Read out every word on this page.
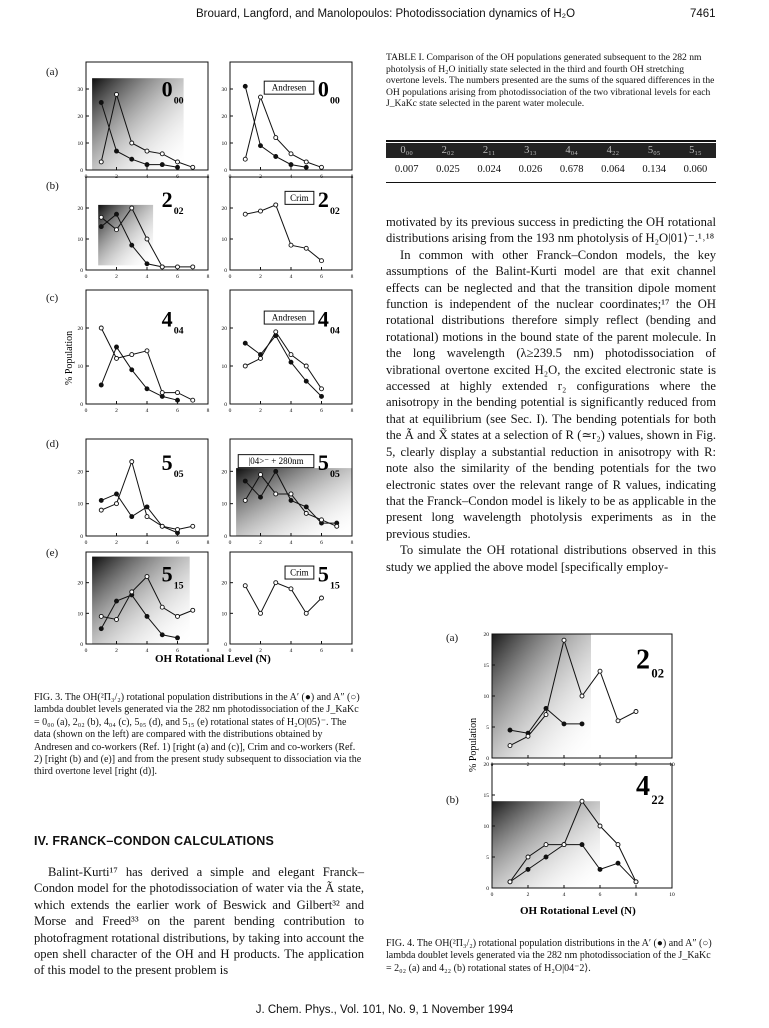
Brouard, Langford, and Manolopoulos: Photodissociation dynamics of H₂O	7461
(a)
(b)
(c)
(d)
(e)
0
10
20
30
0	2	4	6	8
0 00
0
10
20
30
0	2	4	6	8
0 00
Andresen
0
10
20
0	2	4	6	8
2 02
0
10
20
0	2	4	6	8
2 02
Crim
0
10
20
0	2	4	6	8
4 04
0
10
20
0	2	4	6	8
4 04
Andresen
0
10
20
0	2	4	6	8
5 05
0
10
20
0	2	4	6	8
5 05
|04>⁻ + 280nm
0
10
20
0	2	4	6	8
5 15
0
10
20
0	2	4	6	8
5 15
Crim
% Population
OH Rotational Level (N)
FIG. 3. The OH(²Π₃/₂) rotational population distributions in the A′ (●) and A″ (○) lambda doublet levels generated via the 282 nm photodissociation of the J_KaKc = 0₀₀ (a), 2₀₂ (b), 4₀₄ (c), 5₀₅ (d), and 5₁₅ (e) rotational states of H₂O|05⟩⁻. The data (shown on the left) are compared with the distributions obtained by Andresen and co-workers (Ref. 1) [right (a) and (c)], Crim and co-workers (Ref. 2) [right (b) and (e)] and from the present study subsequent to dissociation via the third overtone level [right (d)].
IV. FRANCK–CONDON CALCULATIONS

Balint-Kurti¹⁷ has derived a simple and elegant Franck–Condon model for the photodissociation of water via the Ã state, which extends the earlier work of Beswick and Gilbert³² and Morse and Freed³³ on the parent bending contribution to photofragment rotational distributions, by taking into account the open shell character of the OH and H products. The application of this model to the present problem is

TABLE I. Comparison of the OH populations generated subsequent to the 282 nm photolysis of H₂O initially state selected in the third and fourth OH stretching overtone levels. The numbers presented are the sums of the squared differences in the OH populations arising from photodissociation of the two vibrational levels for each J_KaKc state selected in the parent water molecule.
0₀₀	2₀₂	2₁₁	3₁₃	4₀₄	4₂₂	5₀₅	5₁₅
0.007	0.025	0.024	0.026	0.678	0.064	0.134	0.060

motivated by its previous success in predicting the OH rotational distributions arising from the 193 nm photolysis of H₂O|01⟩⁻.¹˒¹⁸

In common with other Franck–Condon models, the key assumptions of the Balint-Kurti model are that exit channel effects can be neglected and that the transition dipole moment function is independent of the nuclear coordinates;¹⁷ the OH rotational distributions therefore simply reflect (bending and rotational) motions in the bound state of the parent molecule. In the long wavelength (λ≥239.5 nm) photodissociation of vibrational overtone excited H₂O, the excited electronic state is accessed at highly extended r₂ configurations where the anisotropy in the bending potential is significantly reduced from that at equilibrium (see Sec. I). The bending potentials for both the Ã and X̃ states at a selection of R (≃r₂) values, shown in Fig. 5, clearly display a substantial reduction in anisotropy with R: note also the similarity of the bending potentials for the two electronic states over the relevant range of R values, indicating that the Franck–Condon model is likely to be as applicable in the present long wavelength photolysis experiments as in the previous studies.

To simulate the OH rotational distributions observed in this study we applied the above model [specifically employ-

(a)
(b)
0
5
10
15
20
0	2	4	6	8	10
2 02
0
5
10
15
20
0	2	4	6	8	10
4 22
% Population
OH Rotational Level (N)
FIG. 4. The OH(²Π₃/₂) rotational population distributions in the A′ (●) and A″ (○) lambda doublet levels generated via the 282 nm photodissociation of the J_KaKc = 2₀₂ (a) and 4₂₂ (b) rotational states of H₂O|04⁻2⟩.
J. Chem. Phys., Vol. 101, No. 9, 1 November 1994
